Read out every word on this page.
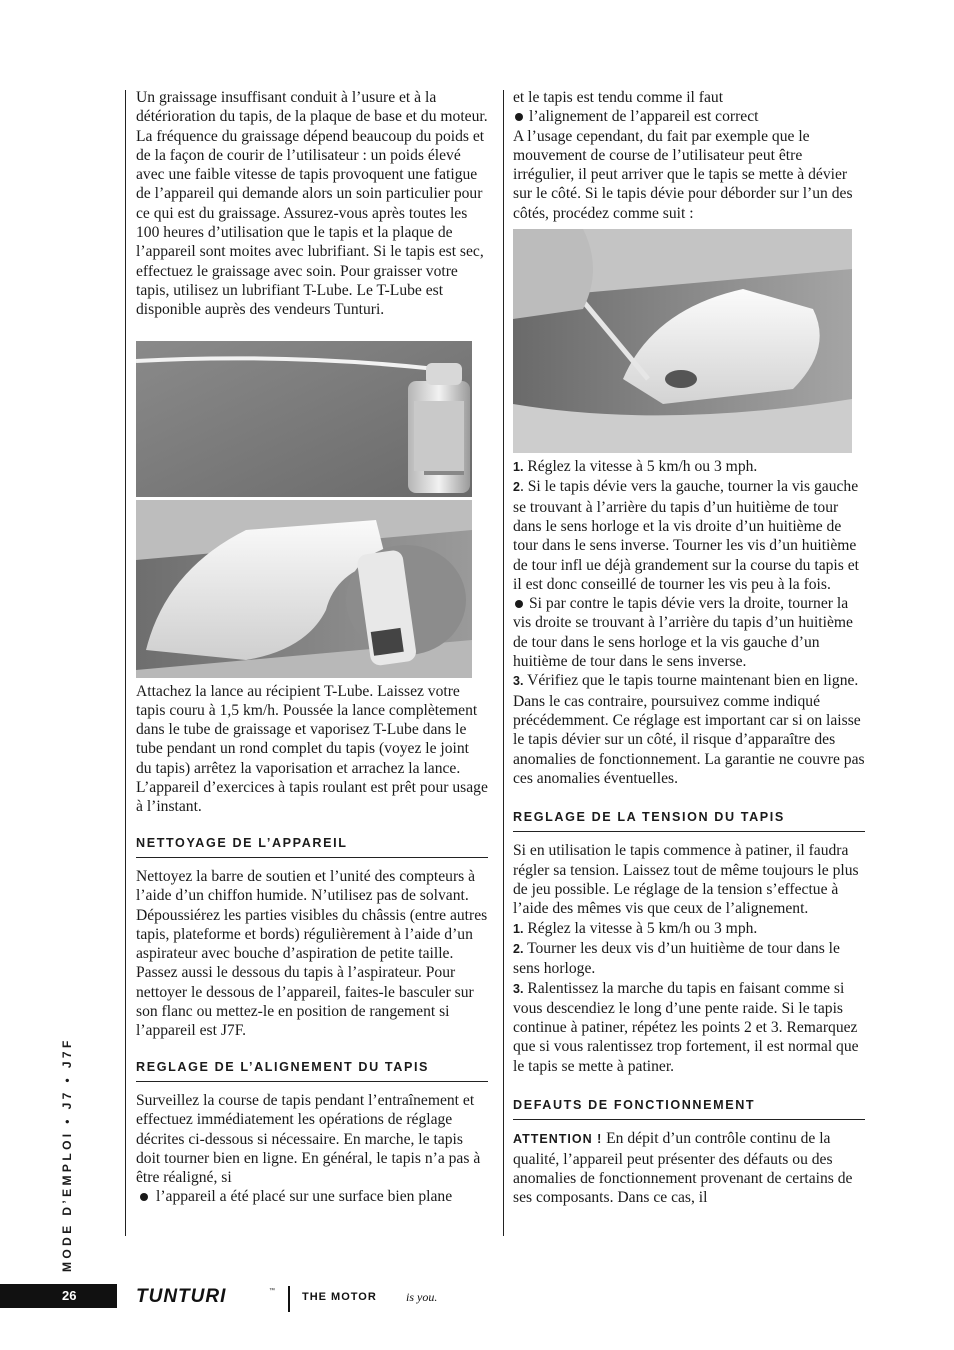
Un graissage insuffisant conduit à l’usure et à la détérioration du tapis, de la plaque de base et du moteur. La fréquence du graissage dépend beaucoup du poids et de la façon de courir de l’utilisateur : un poids élevé avec une faible vitesse de tapis provoquent une fatigue de l’appareil qui demande alors un soin particulier pour ce qui est du graissage. Assurez-vous après toutes les 100 heures d’utilisation que le tapis et la plaque de l’appareil sont moites avec lubrifiant. Si le tapis est sec, effectuez le graissage avec soin. Pour graisser votre tapis, utilisez un lubrifiant T-Lube. Le T-Lube est disponible auprès des vendeurs Tunturi.

Attachez la lance au récipient T-Lube. Laissez votre tapis couru à 1,5 km/h. Poussée la lance complètement dans le tube de graissage et vaporisez T-Lube dans le tube pendant un rond complet du tapis (voyez le joint du tapis) arrêtez la vaporisation et arrachez la lance. L’appareil d’exercices à tapis roulant est prêt pour usage à l’instant.

NETTOYAGE DE L’APPAREIL

Nettoyez la barre de soutien et l’unité des compteurs à l’aide d’un chiffon humide. N’utilisez pas de solvant. Dépoussiérez les parties visibles du châssis (entre autres tapis, plateforme et bords) régulièrement à l’aide d’un aspirateur avec bouche d’aspiration de petite taille. Passez aussi le dessous du tapis à l’aspirateur. Pour nettoyer le dessous de l’appareil, faites-le basculer sur son flanc ou mettez-le en position de rangement si l’appareil est J7F.

REGLAGE DE L’ALIGNEMENT DU TAPIS

Surveillez la course de tapis pendant l’entraînement et effectuez immédiatement les opérations de réglage décrites ci-dessous si nécessaire. En marche, le tapis doit tourner bien en ligne. En général, le tapis n’a pas à être réaligné, si

l’appareil a été placé sur une surface bien plane

et le tapis est tendu comme il faut

l’alignement de l’appareil est correct

A l’usage cependant, du fait par exemple que le mouvement de course de l’utilisateur peut être irrégulier, il peut arriver que le tapis se mette à dévier sur le côté. Si le tapis dévie pour déborder sur l’un des côtés, procédez comme suit :

1. Réglez la vitesse à 5 km/h ou 3 mph.

2. Si le tapis dévie vers la gauche, tourner la vis gauche se trouvant à l’arrière du tapis d’un huitième de tour dans le sens horloge et la vis droite d’un huitième de tour dans le sens inverse. Tourner les vis d’un huitième de tour infl ue déjà grandement sur la course du tapis et il est donc conseillé de tourner les vis peu à la fois.

Si par contre le tapis dévie vers la droite, tourner la vis droite se trouvant à l’arrière du tapis d’un huitième de tour dans le sens horloge et la vis gauche d’un huitième de tour dans le sens inverse.

3. Vérifiez que le tapis tourne maintenant bien en ligne. Dans le cas contraire, poursuivez comme indiqué précédemment. Ce réglage est important car si on laisse le tapis dévier sur un côté, il risque d’apparaître des anomalies de fonctionnement. La garantie ne couvre pas ces anomalies éventuelles.

REGLAGE DE LA TENSION DU TAPIS

Si en utilisation le tapis commence à patiner, il faudra régler sa tension. Laissez tout de même toujours le plus de jeu possible. Le réglage de la tension s’effectue à l’aide des mêmes vis que ceux de l’alignement.

1. Réglez la vitesse à 5 km/h ou 3 mph.

2. Tourner les deux vis d’un huitième de tour dans le sens horloge.

3. Ralentissez la marche du tapis en faisant comme si vous descendiez le long d’une pente raide. Si le tapis continue à patiner, répétez les points 2 et 3. Remarquez que si vous ralentissez trop fortement, il est normal que le tapis se mette à patiner.

DEFAUTS DE FONCTIONNEMENT

ATTENTION ! En dépit d’un contrôle continu de la qualité, l’appareil peut présenter des défauts ou des anomalies de fonctionnement provenant de certains de ses composants. Dans ce cas, il

MODE D’EMPLOI • J7 • J7F
26	TUNTURI	™ THE MOTOR is you.
